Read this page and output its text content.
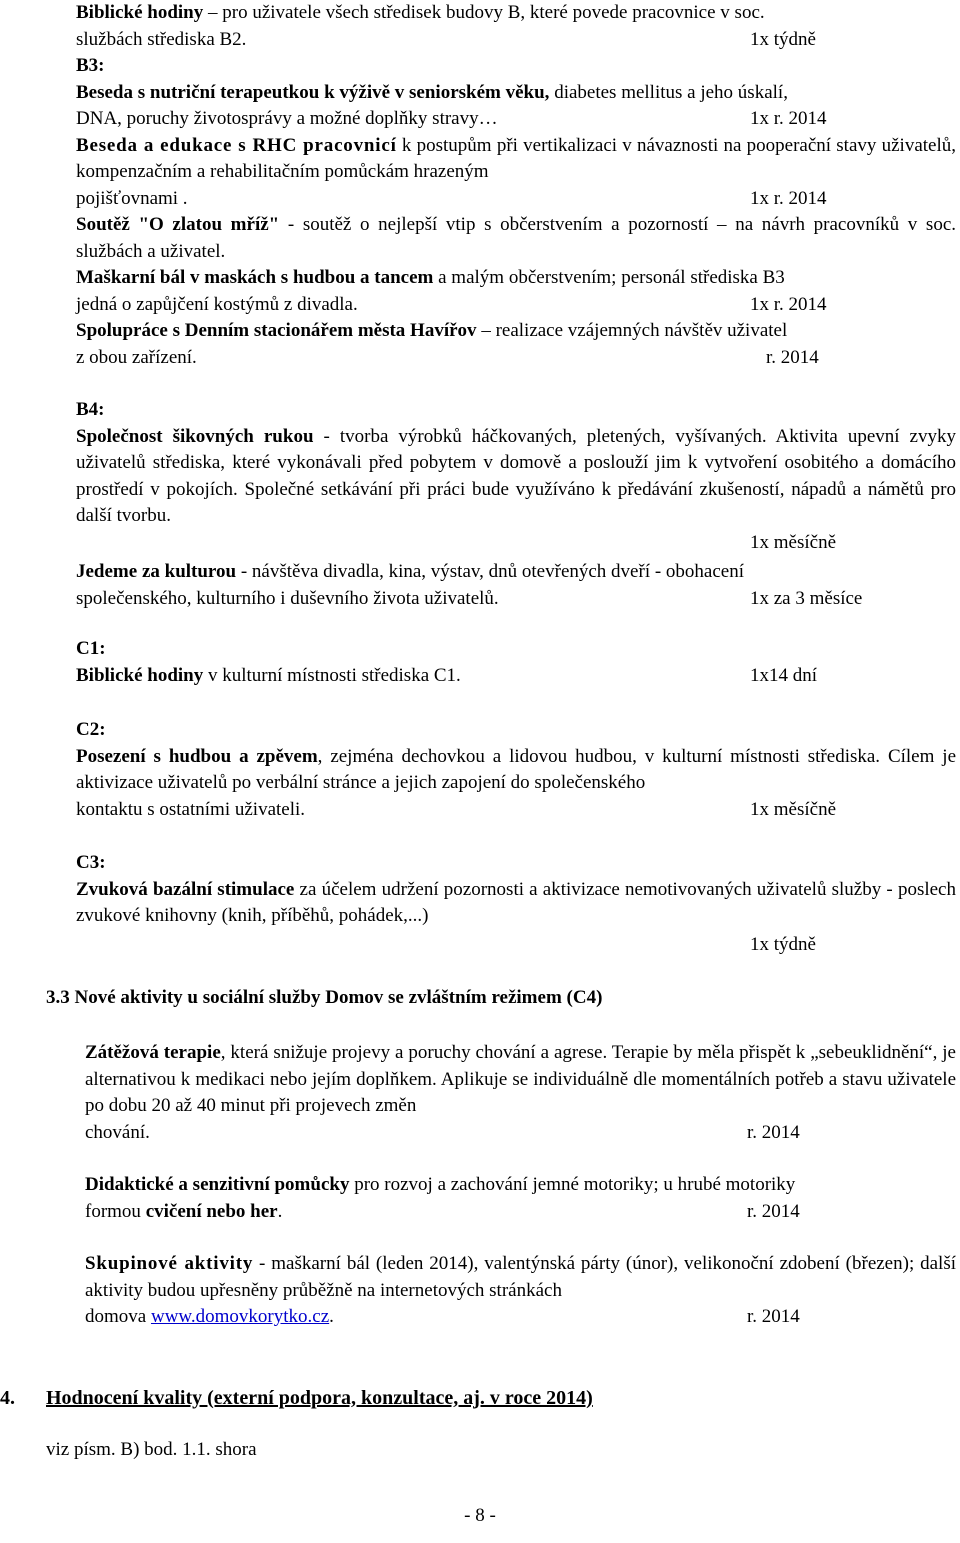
Biblické hodiny – pro uživatele všech středisek budovy B, které povede pracovnice v soc.

službách střediska B2.	1x týdně

B3:

Beseda s nutriční terapeutkou k výživě v seniorském věku, diabetes mellitus a jeho úskalí,

DNA, poruchy životosprávy a možné doplňky stravy…	1x r. 2014

Beseda a edukace s RHC pracovnicí k postupům při vertikalizaci v návaznosti na pooperační stavy uživatelů, kompenzačním a rehabilitačním pomůckám hrazeným

pojišťovnami .	1x r. 2014

Soutěž "O zlatou mříž" - soutěž o nejlepší vtip s občerstvením a pozorností – na návrh pracovníků v soc. službách a uživatel.

Maškarní bál v maskách s hudbou a tancem a malým občerstvením; personál střediska B3

jedná o zapůjčení kostýmů z divadla.	1x r. 2014

Spolupráce s Denním stacionářem města Havířov – realizace vzájemných návštěv uživatel

z obou zařízení.	r. 2014

B4:

Společnost šikovných rukou - tvorba výrobků háčkovaných, pletených, vyšívaných. Aktivita upevní zvyky uživatelů střediska, které vykonávali před pobytem v domově a poslouží jim k vytvoření osobitého a domácího prostředí v pokojích. Společné setkávání při práci bude využíváno k předávání zkušeností, nápadů a námětů pro další tvorbu.

1x měsíčně

Jedeme za kulturou - návštěva divadla, kina, výstav, dnů otevřených dveří - obohacení

společenského, kulturního i duševního života uživatelů.	1x za 3 měsíce

C1:

Biblické hodiny v kulturní místnosti střediska C1.	1x14 dní

C2:

Posezení s hudbou a zpěvem, zejména dechovkou a lidovou hudbou, v kulturní místnosti střediska. Cílem je aktivizace uživatelů po verbální stránce a jejich zapojení do společenského

kontaktu s ostatními uživateli.	1x měsíčně

C3:

Zvuková bazální stimulace za účelem udržení pozornosti a aktivizace nemotivovaných uživatelů služby - poslech zvukové knihovny (knih, příběhů, pohádek,...)

1x týdně

3.3 Nové aktivity u sociální služby Domov se zvláštním režimem (C4)

Zátěžová terapie, která snižuje projevy a poruchy chování a agrese. Terapie by měla přispět k „sebeuklidnění“, je alternativou k medikaci nebo jejím doplňkem. Aplikuje se individuálně dle momentálních potřeb a stavu uživatele po dobu 20 až 40 minut při projevech změn

chování.	r. 2014

Didaktické a senzitivní pomůcky pro rozvoj a zachování jemné motoriky; u hrubé motoriky

formou cvičení nebo her.	r. 2014

Skupinové aktivity - maškarní bál (leden 2014), valentýnská párty (únor), velikonoční zdobení (březen); další aktivity budou upřesněny průběžně na internetových stránkách

domova www.domovkorytko.cz.	r. 2014

4. Hodnocení kvality (externí podpora, konzultace, aj. v roce 2014)
viz písm. B) bod. 1.1. shora
- 8 -
